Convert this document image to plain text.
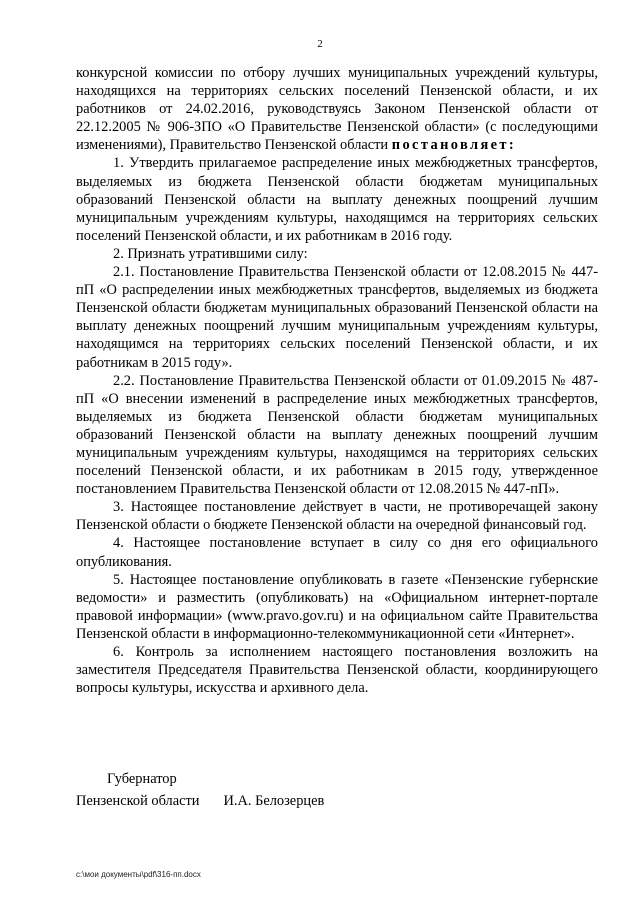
2

конкурсной комиссии по отбору лучших муниципальных учреждений культуры, находящихся на территориях сельских поселений Пензенской области, и их работников от 24.02.2016, руководствуясь Законом Пензенской области от 22.12.2005 № 906-ЗПО «О Правительстве Пензенской области» (с последующими изменениями), Правительство Пензенской области постановляет:

1. Утвердить прилагаемое распределение иных межбюджетных трансфертов, выделяемых из бюджета Пензенской области бюджетам муниципальных образований Пензенской области на выплату денежных поощрений лучшим муниципальным учреждениям культуры, находящимся на территориях сельских поселений Пензенской области, и их работникам в 2016 году.

2. Признать утратившими силу:

2.1. Постановление Правительства Пензенской области от 12.08.2015 № 447-пП «О распределении иных межбюджетных трансфертов, выделяемых из бюджета Пензенской области бюджетам муниципальных образований Пензенской области на выплату денежных поощрений лучшим муниципальным учреждениям культуры, находящимся на территориях сельских поселений Пензенской области, и их работникам в 2015 году».

2.2. Постановление Правительства Пензенской области от 01.09.2015 № 487-пП «О внесении изменений в распределение иных межбюджетных трансфертов, выделяемых из бюджета Пензенской области бюджетам муниципальных образований Пензенской области на выплату денежных поощрений лучшим муниципальным учреждениям культуры, находящимся на территориях сельских поселений Пензенской области, и их работникам в 2015 году, утвержденное постановлением Правительства Пензенской области от 12.08.2015 № 447-пП».

3. Настоящее постановление действует в части, не противоречащей закону Пензенской области о бюджете Пензенской области на очередной финансовый год.

4. Настоящее постановление вступает в силу со дня его официального опубликования.

5. Настоящее постановление опубликовать в газете «Пензенские губернские ведомости» и разместить (опубликовать) на «Официальном интернет-портале правовой информации» (www.pravo.gov.ru) и на официальном сайте Правительства Пензенской области в информационно-телекоммуникационной сети «Интернет».

6. Контроль за исполнением настоящего постановления возложить на заместителя Председателя Правительства Пензенской области, координирующего вопросы культуры, искусства и архивного дела.

Губернатор
Пензенской области И.А. Белозерцев
c:\мои документы\pdf\316-пп.docx
